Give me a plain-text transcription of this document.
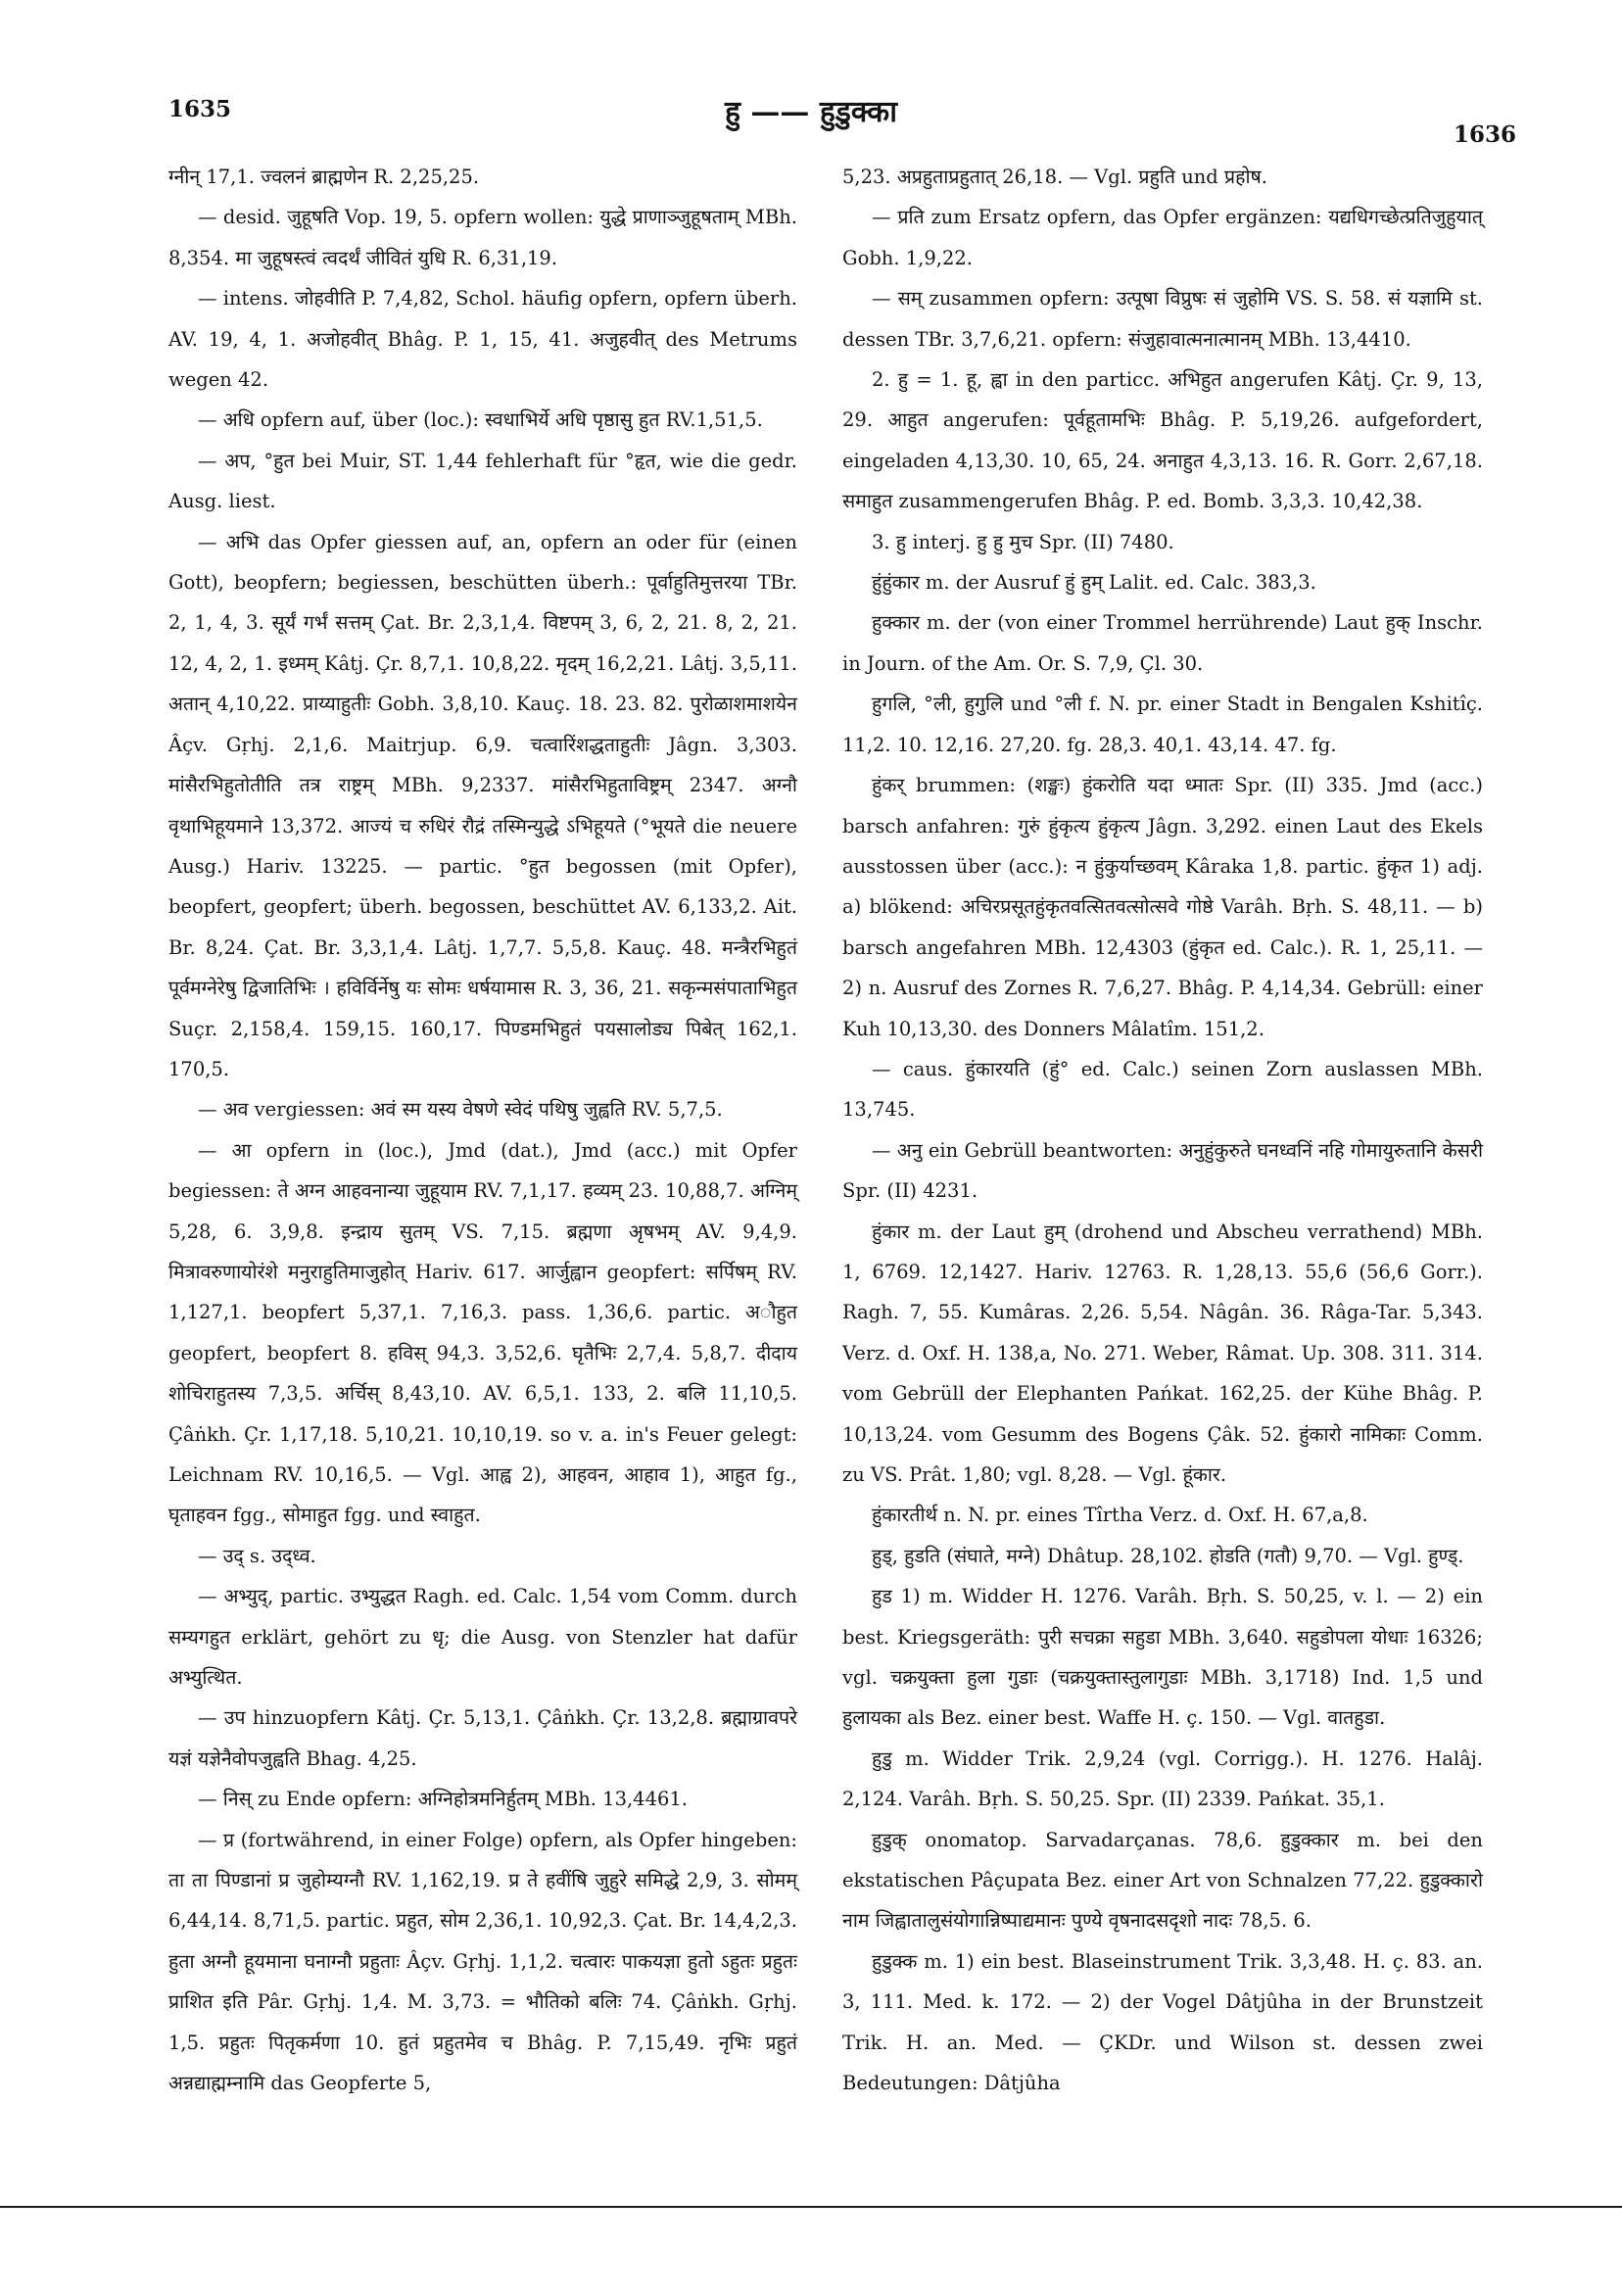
1635	हु —— हुडुक्का
1636

ग्नीन् 17,1. ज्वलनं ब्राह्मणेन R. 2,25,25.

— desid. जुहूषति Vop. 19, 5. opfern wollen: युद्धे प्राणाञ्जुहूषताम् MBh. 8,354. मा जुहूषस्त्वं त्वदर्थं जीवितं युधि R. 6,31,19.

— intens. जोहवीति P. 7,4,82, Schol. häufig opfern, opfern überh. AV. 19, 4, 1. अजोहवीत् Bhâg. P. 1, 15, 41. अजुहवीत् des Metrums wegen 42.

— अधि opfern auf, über (loc.): स्वधाभिर्ये अधि पृष्ठासु हुत RV.1,51,5.

— अप, °हुत bei Muir, ST. 1,44 fehlerhaft für °हृत, wie die gedr. Ausg. liest.

— अभि das Opfer giessen auf, an, opfern an oder für (einen Gott), beopfern; begiessen, beschütten überh.: पूर्वाहुतिमुत्तरया TBr. 2, 1, 4, 3. सूर्यं गर्भं सत्तम् Çat. Br. 2,3,1,4. विष्टपम् 3, 6, 2, 21. 8, 2, 21. 12, 4, 2, 1. इध्मम् Kâtj. Çr. 8,7,1. 10,8,22. मृदम् 16,2,21. Lâtj. 3,5,11. अतान् 4,10,22. प्राय्याहुतीः Gobh. 3,8,10. Kauç. 18. 23. 82. पुरोळाशमाशयेन Âçv. Gṛhj. 2,1,6. Maitrjup. 6,9. चत्वारिंशद्धताहुतीः Jâgn. 3,303. मांसैरभिहुतोतीति तत्र राष्ट्रम् MBh. 9,2337. मांसैरभिहुताविष्ट्रम् 2347. अग्नौ वृथाभिहूयमाने 13,372. आज्यं च रुधिरं रौद्रं तस्मिन्युद्धे ऽभिहूयते (°भूयते die neuere Ausg.) Hariv. 13225. — partic. °हुत begossen (mit Opfer), beopfert, geopfert; überh. begossen, beschüttet AV. 6,133,2. Ait. Br. 8,24. Çat. Br. 3,3,1,4. Lâtj. 1,7,7. 5,5,8. Kauç. 48. मन्त्रैरभिहुतं पूर्वमग्नेरेषु द्विजातिभिः । हविर्विर्नेषु यः सोमः धर्षयामास R. 3, 36, 21. सकृन्मसंपाताभिहुत Suçr. 2,158,4. 159,15. 160,17. पिण्डमभिहुतं पयसालोड्य पिबेत् 162,1. 170,5.

— अव vergiessen: अवं स्म यस्य वेषणे स्वेदं पथिषु जुह्वति RV. 5,7,5.

— आ opfern in (loc.), Jmd (dat.), Jmd (acc.) mit Opfer begiessen: ते अग्न आहवनान्या जुहूयाम RV. 7,1,17. हव्यम् 23. 10,88,7. अग्निम् 5,28, 6. 3,9,8. इन्द्राय सुतम् VS. 7,15. ब्रह्मणा अृषभम् AV. 9,4,9. मित्रावरुणायोरंशे मनुराहुतिमाजुहोत् Hariv. 617. आर्जुह्वान geopfert: सर्पिषम् RV. 1,127,1. beopfert 5,37,1. 7,16,3. pass. 1,36,6. partic. अौहुत geopfert, beopfert 8. हविस् 94,3. 3,52,6. घृतैभिः 2,7,4. 5,8,7. दीदाय शोचिराहुतस्य 7,3,5. अर्चिस् 8,43,10. AV. 6,5,1. 133, 2. बलि 11,10,5. Çâṅkh. Çr. 1,17,18. 5,10,21. 10,10,19. so v. a. in's Feuer gelegt: Leichnam RV. 10,16,5. — Vgl. आह्व 2), आहवन, आहाव 1), आहुत fg., घृताहवन fgg., सोमाहुत fgg. und स्वाहुत.

— उद् s. उद्ध्व.

— अभ्युद्, partic. उभ्युद्धत Ragh. ed. Calc. 1,54 vom Comm. durch सम्यगहुत erklärt, gehört zu धृ; die Ausg. von Stenzler hat dafür अभ्युत्थित.

— उप hinzuopfern Kâtj. Çr. 5,13,1. Çâṅkh. Çr. 13,2,8. ब्रह्माग्रावपरे यज्ञं यज्ञेनैवोपजुह्वति Bhag. 4,25.

— निस् zu Ende opfern: अग्निहोत्रमनिर्हुतम् MBh. 13,4461.

— प्र (fortwährend, in einer Folge) opfern, als Opfer hingeben: ता ता पिण्डानां प्र जुहोम्यग्नौ RV. 1,162,19. प्र ते हवींषि जुहुरे समिद्धे 2,9, 3. सोमम् 6,44,14. 8,71,5. partic. प्रहुत, सोम 2,36,1. 10,92,3. Çat. Br. 14,4,2,3. हुता अग्नौ हूयमाना घनाग्नौ प्रहुताः Âçv. Gṛhj. 1,1,2. चत्वारः पाकयज्ञा हुतो ऽहुतः प्रहुतः प्राशित इति Pâr. Gṛhj. 1,4. M. 3,73. = भौतिको बलिः 74. Çâṅkh. Gṛhj. 1,5. प्रहुतः पितृकर्मणा 10. हुतं प्रहुतमेव च Bhâg. P. 7,15,49. नृभिः प्रहुतं अन्नद्याह्मम्नामि das Geopferte 5,

5,23. अप्रहुताप्रहुतात् 26,18. — Vgl. प्रहुति und प्रहोष.

— प्रति zum Ersatz opfern, das Opfer ergänzen: यद्यधिगच्छेत्प्रतिजुहुयात् Gobh. 1,9,22.

— सम् zusammen opfern: उत्पूषा विप्रुषः सं जुहोमि VS. S. 58. सं यज्ञामि st. dessen TBr. 3,7,6,21. opfern: संजुहावात्मनात्मानम् MBh. 13,4410.

2. हु = 1. हू, ह्वा in den particc. अभिहुत angerufen Kâtj. Çr. 9, 13, 29. आहुत angerufen: पूर्वहूतामभिः Bhâg. P. 5,19,26. aufgefordert, eingeladen 4,13,30. 10, 65, 24. अनाहुत 4,3,13. 16. R. Gorr. 2,67,18. समाहुत zusammengerufen Bhâg. P. ed. Bomb. 3,3,3. 10,42,38.

3. हु interj. हु हु मुच Spr. (II) 7480.

हुंहुंकार m. der Ausruf हुं हुम् Lalit. ed. Calc. 383,3.

हुक्कार m. der (von einer Trommel herrührende) Laut हुक् Inschr. in Journ. of the Am. Or. S. 7,9, Çl. 30.

हुगलि, °ली, हुगुलि und °ली f. N. pr. einer Stadt in Bengalen Kshitîç. 11,2. 10. 12,16. 27,20. fg. 28,3. 40,1. 43,14. 47. fg.

हुंकर् brummen: (शङ्खः) हुंकरोति यदा ध्मातः Spr. (II) 335. Jmd (acc.) barsch anfahren: गुरुं हुंकृत्य हुंकृत्य Jâgn. 3,292. einen Laut des Ekels ausstossen über (acc.): न हुंकुर्याच्छवम् Kâraka 1,8. partic. हुंकृत 1) adj. a) blökend: अचिरप्रसूतहुंकृतवत्सितवत्सोत्सवे गोष्ठे Varâh. Bṛh. S. 48,11. — b) barsch angefahren MBh. 12,4303 (हुंकृत ed. Calc.). R. 1, 25,11. — 2) n. Ausruf des Zornes R. 7,6,27. Bhâg. P. 4,14,34. Gebrüll: einer Kuh 10,13,30. des Donners Mâlatîm. 151,2.

— caus. हुंकारयति (हुं° ed. Calc.) seinen Zorn auslassen MBh. 13,745.

— अनु ein Gebrüll beantworten: अनुहुंकुरुते घनध्वनिं नहि गोमायुरुतानि केसरी Spr. (II) 4231.

हुंकार m. der Laut हुम् (drohend und Abscheu verrathend) MBh. 1, 6769. 12,1427. Hariv. 12763. R. 1,28,13. 55,6 (56,6 Gorr.). Ragh. 7, 55. Kumâras. 2,26. 5,54. Nâgân. 36. Râga-Tar. 5,343. Verz. d. Oxf. H. 138,a, No. 271. Weber, Râmat. Up. 308. 311. 314. vom Gebrüll der Elephanten Pańkat. 162,25. der Kühe Bhâg. P. 10,13,24. vom Gesumm des Bogens Çâk. 52. हुंकारो नामिकाः Comm. zu VS. Prât. 1,80; vgl. 8,28. — Vgl. हूंकार.

हुंकारतीर्थ n. N. pr. eines Tîrtha Verz. d. Oxf. H. 67,a,8.

हुड्, हुडति (संघाते, मग्ने) Dhâtup. 28,102. होडति (गतौ) 9,70. — Vgl. हुण्ड्.

हुड 1) m. Widder H. 1276. Varâh. Bṛh. S. 50,25, v. l. — 2) ein best. Kriegsgeräth: पुरी सचक्रा सहुडा MBh. 3,640. सहुडोपला योधाः 16326; vgl. चक्रयुक्ता हुला गुडाः (चक्रयुक्तास्तुलागुडाः MBh. 3,1718) Ind. 1,5 und हुलायका als Bez. einer best. Waffe H. ç. 150. — Vgl. वातहुडा.

हुडु m. Widder Trik. 2,9,24 (vgl. Corrigg.). H. 1276. Halâj. 2,124. Varâh. Bṛh. S. 50,25. Spr. (II) 2339. Pańkat. 35,1.

हुडुक् onomatop. Sarvadarçanas. 78,6. हुडुक्कार m. bei den ekstatischen Pâçupata Bez. einer Art von Schnalzen 77,22. हुडुक्कारो नाम जिह्वातालुसंयोगान्निष्पाद्यमानः पुण्ये वृषनादसदृशो नादः 78,5. 6.

हुडुक्क m. 1) ein best. Blaseinstrument Trik. 3,3,48. H. ç. 83. an. 3, 111. Med. k. 172. — 2) der Vogel Dâtjûha in der Brunstzeit Trik. H. an. Med. — ÇKDr. und Wilson st. dessen zwei Bedeutungen: Dâtjûha
